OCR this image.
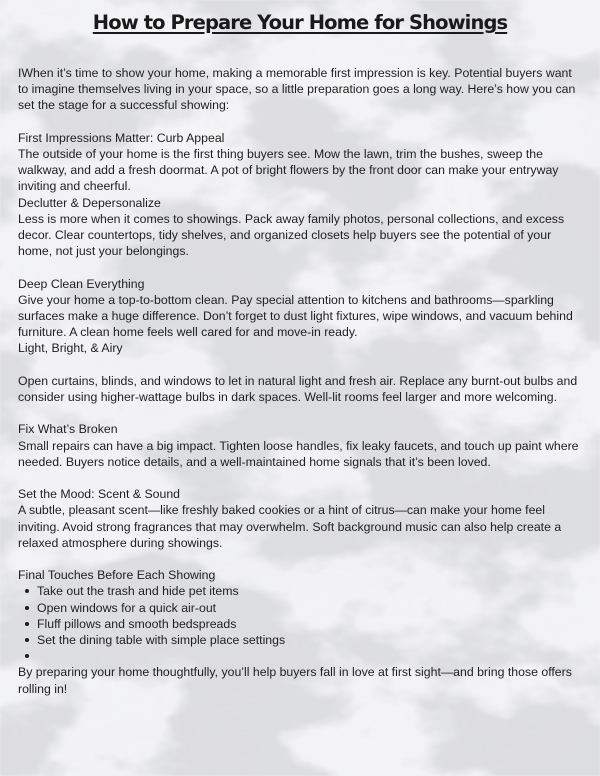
How to Prepare Your Home for Showings

IWhen it’s time to show your home, making a memorable first impression is key. Potential buyers want to imagine themselves living in your space, so a little preparation goes a long way. Here’s how you can set the stage for a successful showing:

First Impressions Matter: Curb Appeal

The outside of your home is the first thing buyers see. Mow the lawn, trim the bushes, sweep the walkway, and add a fresh doormat. A pot of bright flowers by the front door can make your entryway inviting and cheerful.

Declutter & Depersonalize

Less is more when it comes to showings. Pack away family photos, personal collections, and excess decor. Clear countertops, tidy shelves, and organized closets help buyers see the potential of your home, not just your belongings.

Deep Clean Everything

Give your home a top-to-bottom clean. Pay special attention to kitchens and bathrooms—sparkling surfaces make a huge difference. Don’t forget to dust light fixtures, wipe windows, and vacuum behind furniture. A clean home feels well cared for and move-in ready.

Light, Bright, & Airy

Open curtains, blinds, and windows to let in natural light and fresh air. Replace any burnt-out bulbs and consider using higher-wattage bulbs in dark spaces. Well-lit rooms feel larger and more welcoming.

Fix What’s Broken

Small repairs can have a big impact. Tighten loose handles, fix leaky faucets, and touch up paint where needed. Buyers notice details, and a well-maintained home signals that it’s been loved.

Set the Mood: Scent & Sound

A subtle, pleasant scent—like freshly baked cookies or a hint of citrus—can make your home feel inviting. Avoid strong fragrances that may overwhelm. Soft background music can also help create a relaxed atmosphere during showings.

Final Touches Before Each Showing

Take out the trash and hide pet items
Open windows for a quick air-out
Fluff pillows and smooth bedspreads
Set the dining table with simple place settings

By preparing your home thoughtfully, you’ll help buyers fall in love at first sight—and bring those offers rolling in!
